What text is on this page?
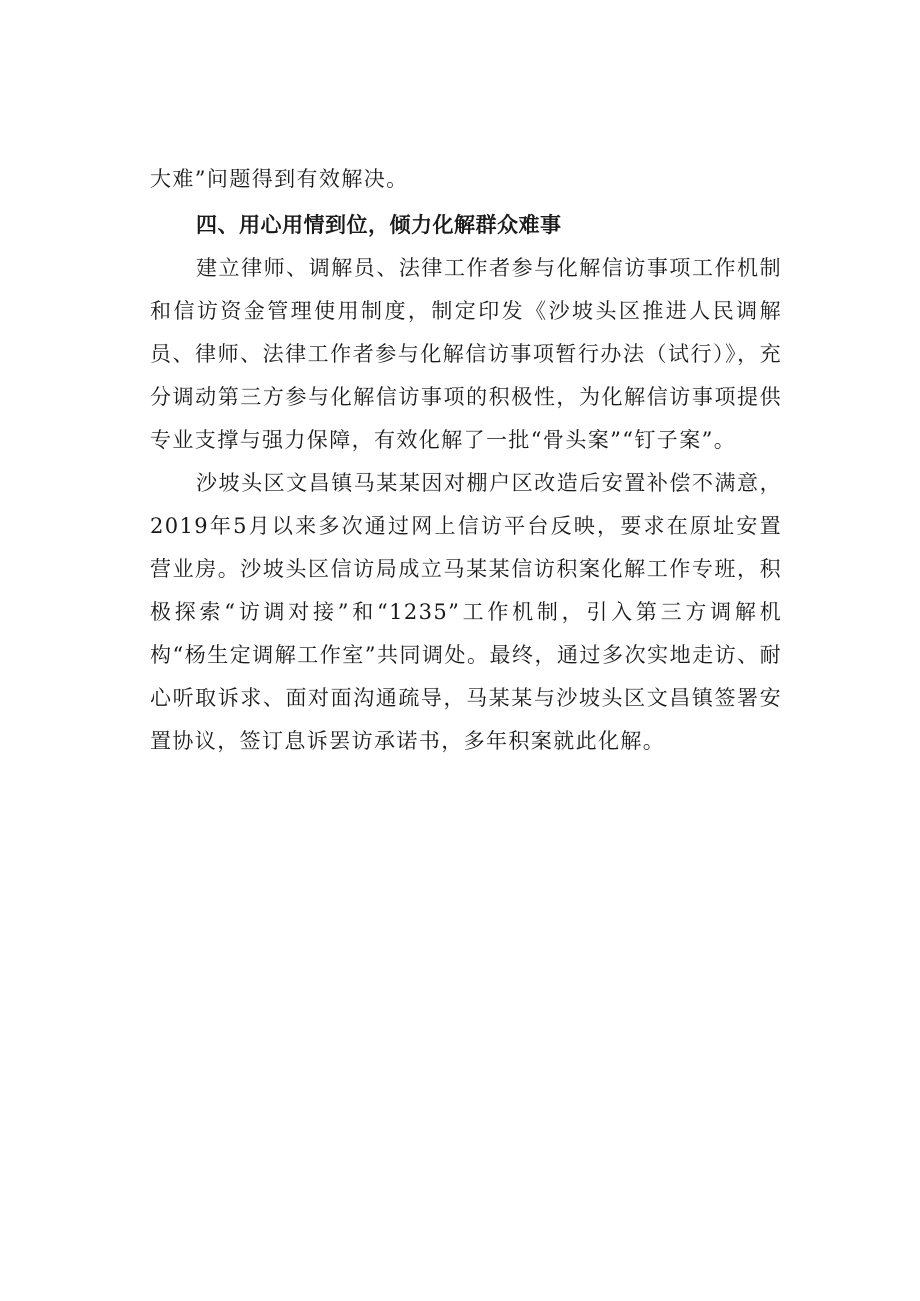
大难”问题得到有效解决。

四、用心用情到位，倾力化解群众难事

建立律师、调解员、法律工作者参与化解信访事项工作机制和信访资金管理使用制度，制定印发《沙坡头区推进人民调解员、律师、法律工作者参与化解信访事项暂行办法（试行）》，充分调动第三方参与化解信访事项的积极性，为化解信访事项提供专业支撑与强力保障，有效化解了一批“骨头案”“钉子案”。

沙坡头区文昌镇马某某因对棚户区改造后安置补偿不满意，2019年5月以来多次通过网上信访平台反映，要求在原址安置营业房。沙坡头区信访局成立马某某信访积案化解工作专班，积极探索“访调对接”和“1235”工作机制，引入第三方调解机构“杨生定调解工作室”共同调处。最终，通过多次实地走访、耐心听取诉求、面对面沟通疏导，马某某与沙坡头区文昌镇签署安置协议，签订息诉罢访承诺书，多年积案就此化解。
